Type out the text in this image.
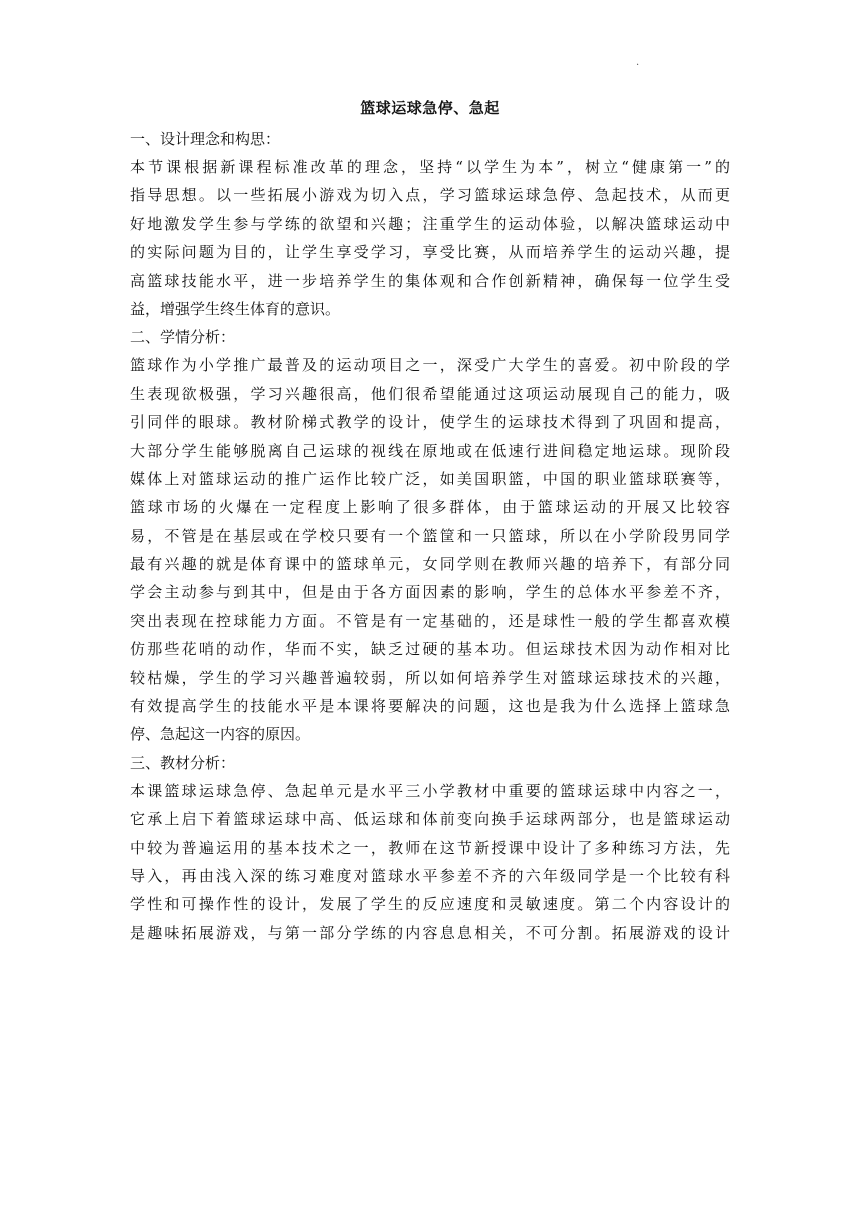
.
篮球运球急停、急起
一、设计理念和构思：
本节课根据新课程标准改革的理念，坚持“以学生为本”，树立“健康第一”的
指导思想。以一些拓展小游戏为切入点，学习篮球运球急停、急起技术，从而更
好地激发学生参与学练的欲望和兴趣；注重学生的运动体验，以解决篮球运动中
的实际问题为目的，让学生享受学习，享受比赛，从而培养学生的运动兴趣，提
高篮球技能水平，进一步培养学生的集体观和合作创新精神，确保每一位学生受
益，增强学生终生体育的意识。
二、学情分析：
篮球作为小学推广最普及的运动项目之一，深受广大学生的喜爱。初中阶段的学
生表现欲极强，学习兴趣很高，他们很希望能通过这项运动展现自己的能力，吸
引同伴的眼球。教材阶梯式教学的设计，使学生的运球技术得到了巩固和提高，
大部分学生能够脱离自己运球的视线在原地或在低速行进间稳定地运球。现阶段
媒体上对篮球运动的推广运作比较广泛，如美国职篮，中国的职业篮球联赛等，
篮球市场的火爆在一定程度上影响了很多群体，由于篮球运动的开展又比较容
易，不管是在基层或在学校只要有一个篮筐和一只篮球，所以在小学阶段男同学
最有兴趣的就是体育课中的篮球单元，女同学则在教师兴趣的培养下，有部分同
学会主动参与到其中，但是由于各方面因素的影响，学生的总体水平参差不齐，
突出表现在控球能力方面。不管是有一定基础的，还是球性一般的学生都喜欢模
仿那些花哨的动作，华而不实，缺乏过硬的基本功。但运球技术因为动作相对比
较枯燥，学生的学习兴趣普遍较弱，所以如何培养学生对篮球运球技术的兴趣，
有效提高学生的技能水平是本课将要解决的问题，这也是我为什么选择上篮球急
停、急起这一内容的原因。
三、教材分析：
本课篮球运球急停、急起单元是水平三小学教材中重要的篮球运球中内容之一，
它承上启下着篮球运球中高、低运球和体前变向换手运球两部分，也是篮球运动
中较为普遍运用的基本技术之一，教师在这节新授课中设计了多种练习方法，先
导入，再由浅入深的练习难度对篮球水平参差不齐的六年级同学是一个比较有科
学性和可操作性的设计，发展了学生的反应速度和灵敏速度。第二个内容设计的
是趣味拓展游戏，与第一部分学练的内容息息相关，不可分割。拓展游戏的设计
